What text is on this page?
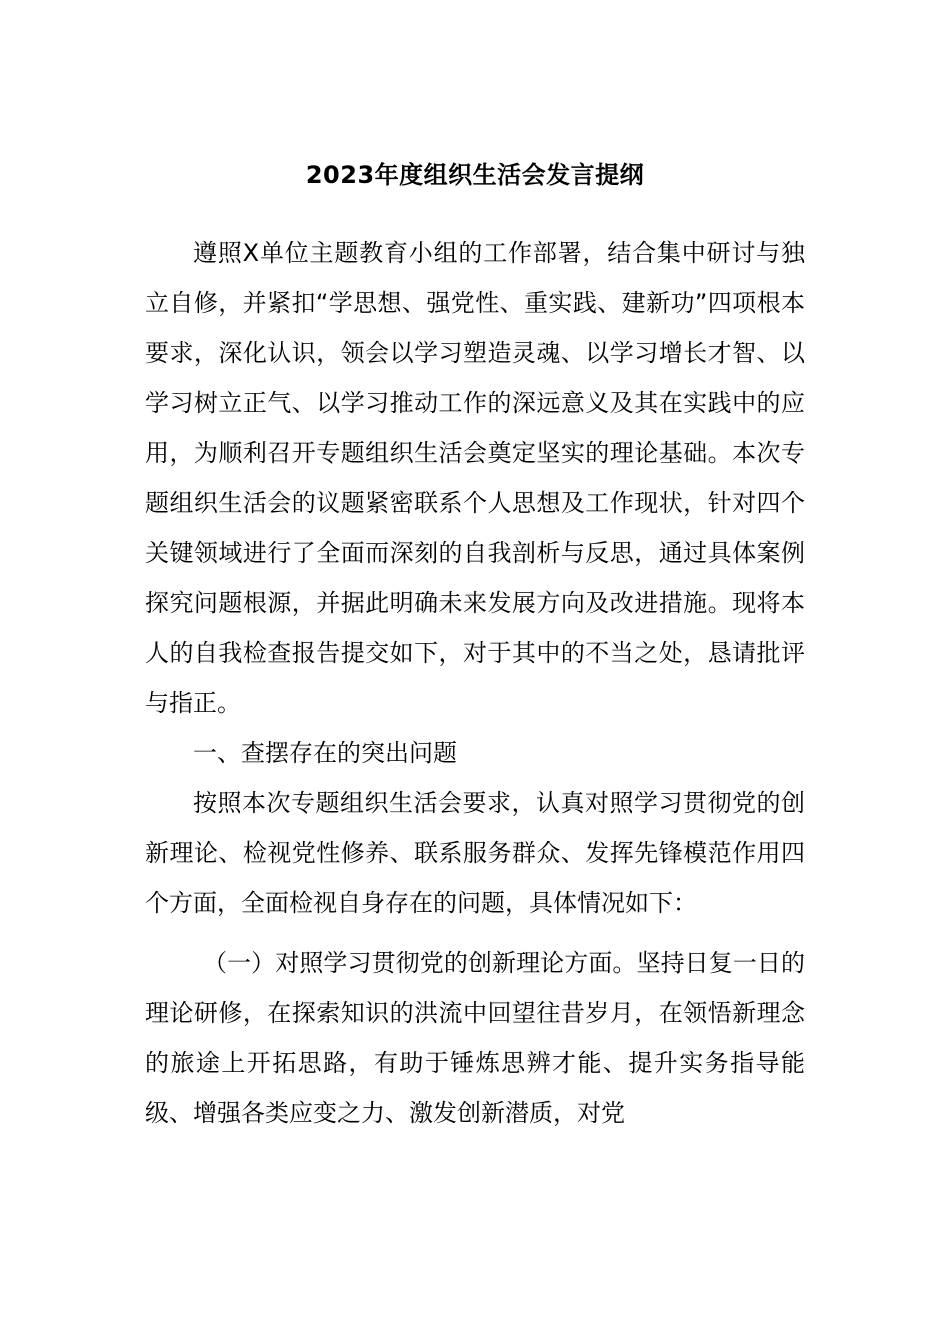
2023年度组织生活会发言提纲

遵照X单位主题教育小组的工作部署，结合集中研讨与独立自修，并紧扣“学思想、强党性、重实践、建新功”四项根本要求，深化认识，领会以学习塑造灵魂、以学习增长才智、以学习树立正气、以学习推动工作的深远意义及其在实践中的应用，为顺利召开专题组织生活会奠定坚实的理论基础。本次专题组织生活会的议题紧密联系个人思想及工作现状，针对四个关键领域进行了全面而深刻的自我剖析与反思，通过具体案例探究问题根源，并据此明确未来发展方向及改进措施。现将本人的自我检查报告提交如下，对于其中的不当之处，恳请批评与指正。

一、查摆存在的突出问题

按照本次专题组织生活会要求，认真对照学习贯彻党的创新理论、检视党性修养、联系服务群众、发挥先锋模范作用四个方面，全面检视自身存在的问题，具体情况如下：

（一）对照学习贯彻党的创新理论方面。坚持日复一日的理论研修，在探索知识的洪流中回望往昔岁月，在领悟新理念的旅途上开拓思路，有助于锤炼思辨才能、提升实务指导能级、增强各类应变之力、激发创新潜质，对党
